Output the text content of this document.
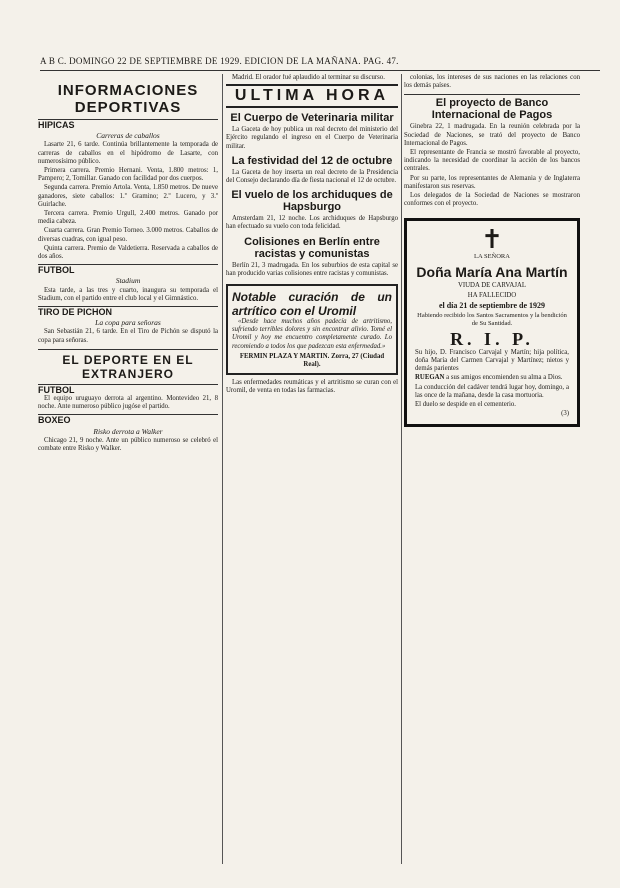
A B C. DOMINGO 22 DE SEPTIEMBRE DE 1929. EDICION DE LA MAÑANA. PAG. 47.
INFORMACIONES DEPORTIVAS
HIPICAS
Carreras de caballos

Lasarte 21, 6 tarde. Continúa brillantemente la temporada de carreras de caballos en el hipódromo de Lasarte, con numerosísimo público.

Primera carrera. Premio Hernani. Venta, 1.800 metros: 1, Pampero; 2, Tomillar. Ganado con facilidad por dos cuerpos.

Segunda carrera. Premio Artola. Venta, 1.850 metros. De nueve ganadores, siete caballos: 1.º Gramino; 2.º Lucero, y 3.º Guirlache.

Tercera carrera. Premio Urgull, 2.400 metros. Ganado por media cabeza.

Cuarta carrera. Gran Premio Torneo. 3.000 metros. Caballos de diversas cuadras, con igual peso.

Quinta carrera. Premio de Valdetierra. Reservada a caballos de dos años.

FUTBOL
Stadium

Esta tarde, a las tres y cuarto, inaugura su temporada el Stadium, con el partido entre el club local y el Gimnástico.

TIRO DE PICHON
La copa para señoras

San Sebastián 21, 6 tarde. En el Tiro de Pichón se disputó la copa para señoras.

EL DEPORTE EN EL EXTRANJERO
FUTBOL

El equipo uruguayo derrota al argentino. Montevideo 21, 8 noche. Ante numeroso público jugóse el partido.

BOXEO
Risko derrota a Walker

Chicago 21, 9 noche. Ante un público numeroso se celebró el combate entre Risko y Walker.

Madrid. El orador fué aplaudido al terminar su discurso.

ULTIMA HORA
El Cuerpo de Veterinaria militar

La Gaceta de hoy publica un real decreto del ministerio del Ejército regulando el ingreso en el Cuerpo de Veterinaria militar.

La festividad del 12 de octubre

La Gaceta de hoy inserta un real decreto de la Presidencia del Consejo declarando día de fiesta nacional el 12 de octubre.

El vuelo de los archiduques de Hapsburgo

Amsterdam 21, 12 noche. Los archiduques de Hapsburgo han efectuado su vuelo con toda felicidad.

Colisiones en Berlín entre racistas y comunistas

Berlín 21, 3 madrugada. En los suburbios de esta capital se han producido varias colisiones entre racistas y comunistas.

Notable curación de un artrítico con el Uromil

«Desde hace muchos años padecía de artritismo, sufriendo terribles dolores y sin encontrar alivio. Tomé el Uromil y hoy me encuentro completamente curado. Lo recomiendo a todos los que padezcan esta enfermedad.»

FERMIN PLAZA Y MARTIN. Zorra, 27 (Ciudad Real).

Las enfermedades reumáticas y el artritismo se curan con el Uromil, de venta en todas las farmacias.

colonias, los intereses de sus naciones en las relaciones con los demás países.

El proyecto de Banco Internacional de Pagos

Ginebra 22, 1 madrugada. En la reunión celebrada por la Sociedad de Naciones, se trató del proyecto de Banco Internacional de Pagos.

El representante de Francia se mostró favorable al proyecto, indicando la necesidad de coordinar la acción de los bancos centrales.

Por su parte, los representantes de Alemania y de Inglaterra manifestaron sus reservas.

Los delegados de la Sociedad de Naciones se mostraron conformes con el proyecto.

✝
LA SEÑORA
Doña María Ana Martín
VIUDA DE CARVAJAL
HA FALLECIDO
el día 21 de septiembre de 1929
Habiendo recibido los Santos Sacramentos y la bendición de Su Santidad.
R. I. P.

Su hijo, D. Francisco Carvajal y Martín; hija política, doña María del Carmen Carvajal y Martínez; nietos y demás parientes

RUEGAN a sus amigos encomienden su alma a Dios.

La conducción del cadáver tendrá lugar hoy, domingo, a las once de la mañana, desde la casa mortuoria.

El duelo se despide en el cementerio.

(3)
